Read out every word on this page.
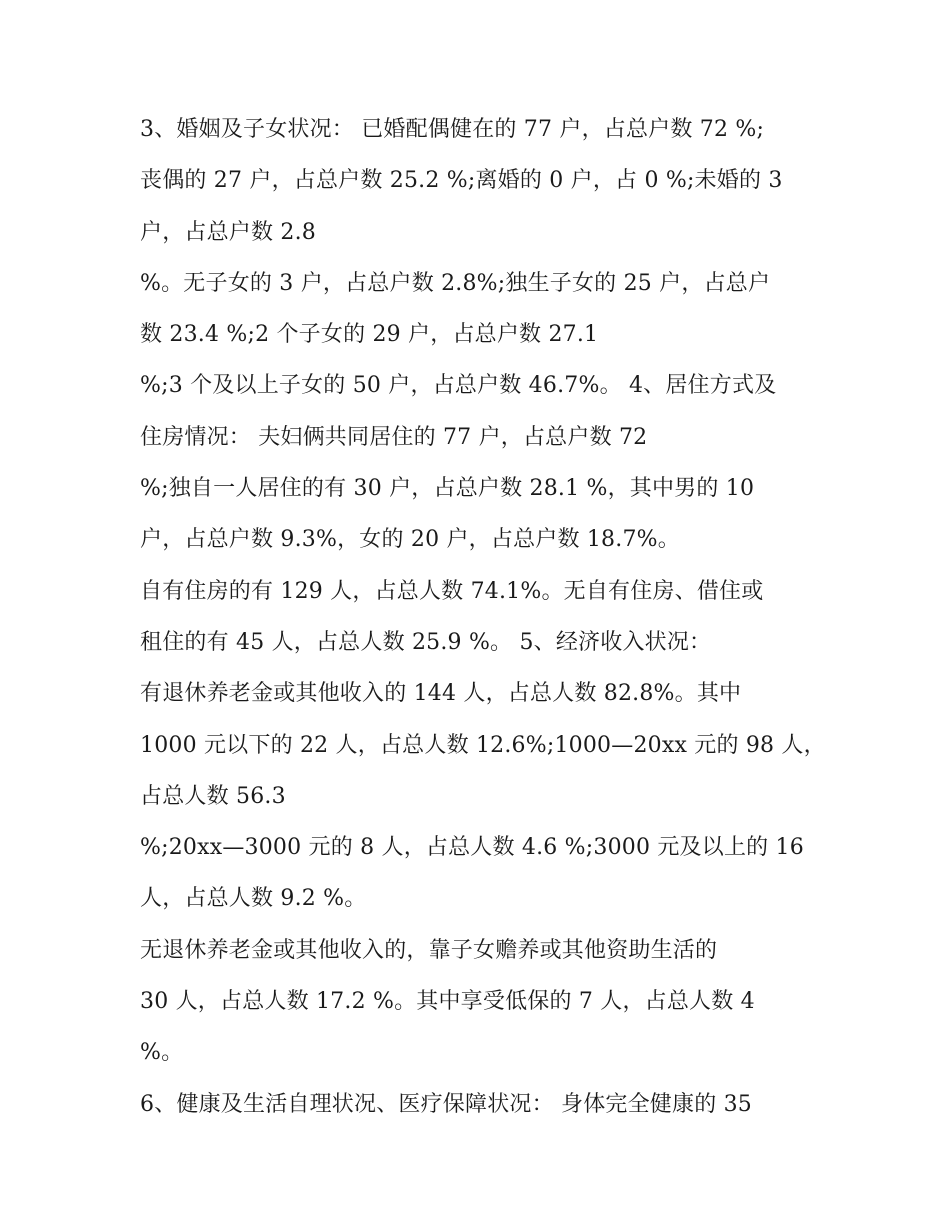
3、婚姻及子女状况： 已婚配偶健在的 77 户，占总户数 72 %;
丧偶的 27 户，占总户数 25.2 %;离婚的 0 户，占 0 %;未婚的 3
户，占总户数 2.8
%。无子女的 3 户，占总户数 2.8%;独生子女的 25 户，占总户
数 23.4 %;2 个子女的 29 户，占总户数 27.1
%;3 个及以上子女的 50 户，占总户数 46.7%。 4、居住方式及
住房情况： 夫妇俩共同居住的 77 户，占总户数 72
%;独自一人居住的有 30 户，占总户数 28.1 %，其中男的 10
户，占总户数 9.3%，女的 20 户，占总户数 18.7%。
自有住房的有 129 人，占总人数 74.1%。无自有住房、借住或
租住的有 45 人，占总人数 25.9 %。 5、经济收入状况：
有退休养老金或其他收入的 144 人，占总人数 82.8%。其中
1000 元以下的 22 人，占总人数 12.6%;1000—20xx 元的 98 人，
占总人数 56.3
%;20xx—3000 元的 8 人，占总人数 4.6 %;3000 元及以上的 16
人，占总人数 9.2 %。
无退休养老金或其他收入的，靠子女赡养或其他资助生活的
30 人，占总人数 17.2 %。其中享受低保的 7 人，占总人数 4
%。
6、健康及生活自理状况、医疗保障状况： 身体完全健康的 35
